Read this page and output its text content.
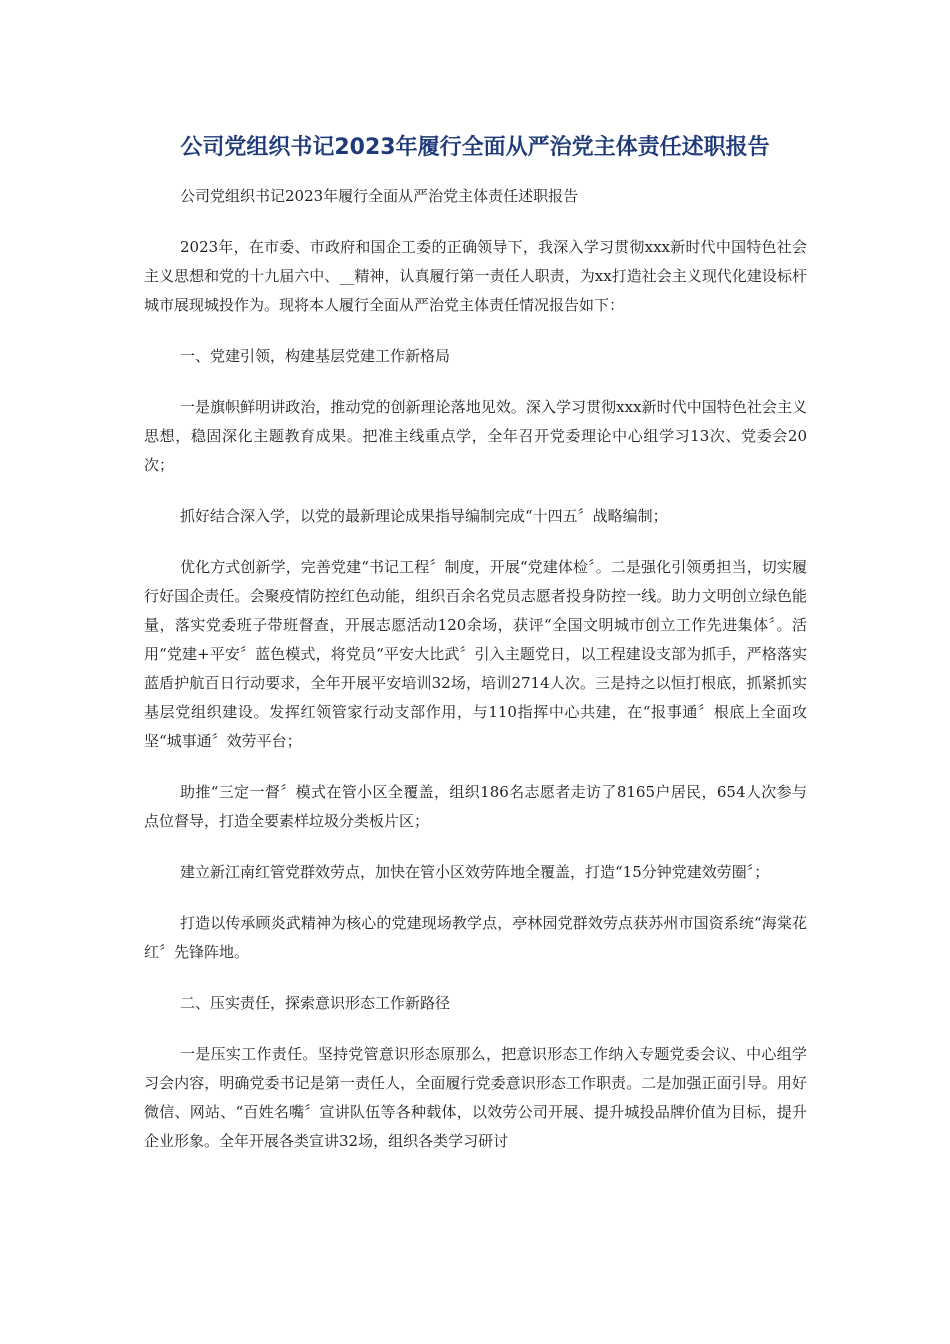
公司党组织书记2023年履行全面从严治党主体责任述职报告

公司党组织书记2023年履行全面从严治党主体责任述职报告

2023年，在市委、市政府和国企工委的正确领导下，我深入学习贯彻xxx新时代中国特色社会主义思想和党的十九届六中、__精神，认真履行第一责任人职责，为xx打造社会主义现代化建设标杆城市展现城投作为。现将本人履行全面从严治党主体责任情况报告如下：

一、党建引领，构建基层党建工作新格局

一是旗帜鲜明讲政治，推动党的创新理论落地见效。深入学习贯彻xxx新时代中国特色社会主义思想，稳固深化主题教育成果。把准主线重点学，全年召开党委理论中心组学习13次、党委会20次；

抓好结合深入学，以党的最新理论成果指导编制完成“十四五〞战略编制；

优化方式创新学，完善党建“书记工程〞制度，开展“党建体检〞。二是强化引领勇担当，切实履行好国企责任。会聚疫情防控红色动能，组织百余名党员志愿者投身防控一线。助力文明创立绿色能量，落实党委班子带班督查，开展志愿活动120余场，获评“全国文明城市创立工作先进集体〞。活用“党建+平安〞蓝色模式，将党员“平安大比武〞引入主题党日，以工程建设支部为抓手，严格落实蓝盾护航百日行动要求，全年开展平安培训32场，培训2714人次。三是持之以恒打根底，抓紧抓实基层党组织建设。发挥红领管家行动支部作用，与110指挥中心共建，在“报事通〞根底上全面攻坚“城事通〞效劳平台；

助推“三定一督〞模式在管小区全覆盖，组织186名志愿者走访了8165户居民，654人次参与点位督导，打造全要素样垃圾分类板片区；

建立新江南红管党群效劳点，加快在管小区效劳阵地全覆盖，打造“15分钟党建效劳圈〞；

打造以传承顾炎武精神为核心的党建现场教学点，亭林园党群效劳点获苏州市国资系统“海棠花红〞先锋阵地。

二、压实责任，探索意识形态工作新路径

一是压实工作责任。坚持党管意识形态原那么，把意识形态工作纳入专题党委会议、中心组学习会内容，明确党委书记是第一责任人，全面履行党委意识形态工作职责。二是加强正面引导。用好微信、网站、“百姓名嘴〞宣讲队伍等各种载体，以效劳公司开展、提升城投品牌价值为目标，提升企业形象。全年开展各类宣讲32场，组织各类学习研讨
